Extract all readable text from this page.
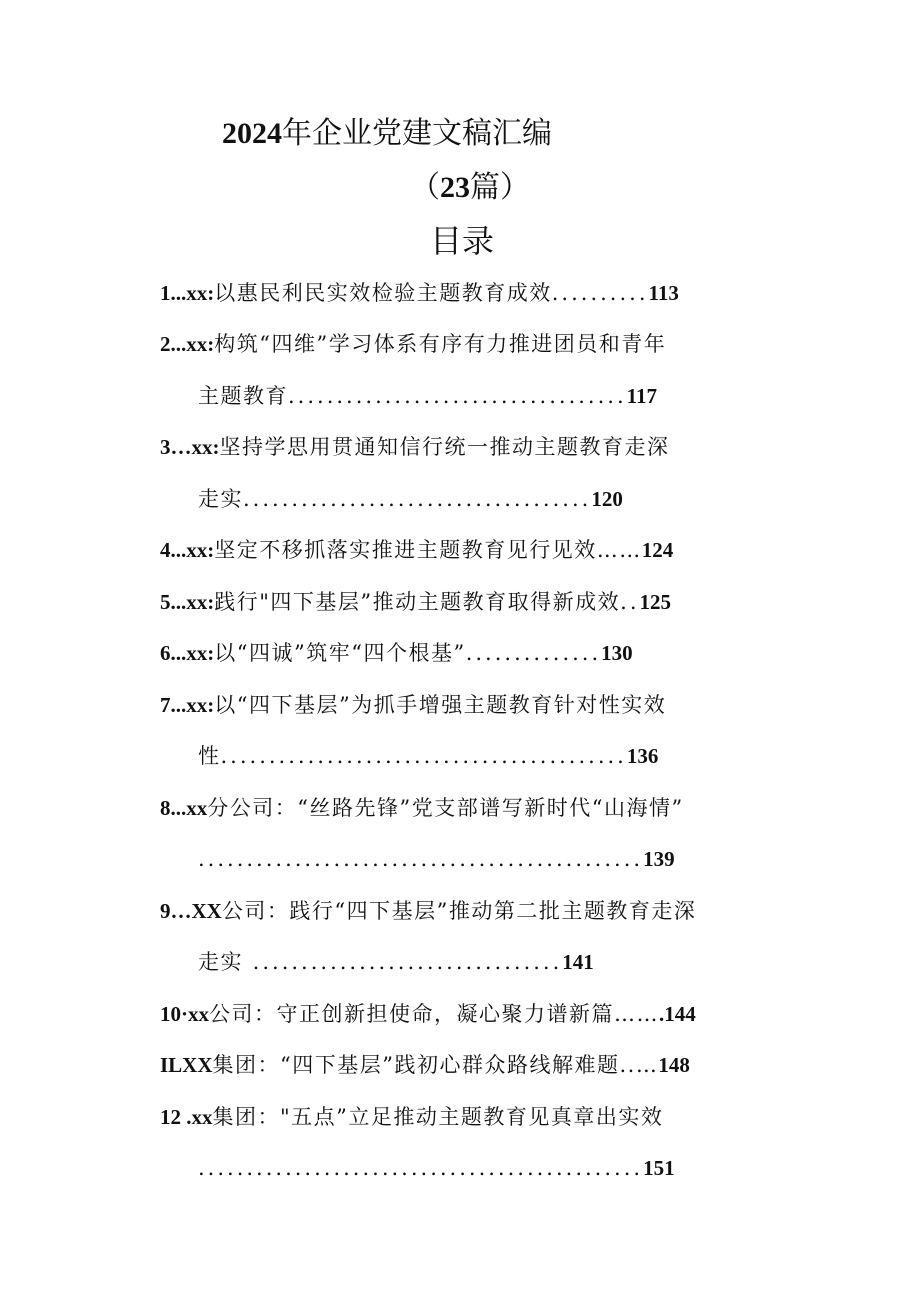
2024年企业党建文稿汇编
（23篇）
目录
1...xx:以惠民利民实效检验主题教育成效..........113
2...xx:构筑“四维”学习体系有序有力推进团员和青年
主题教育...................................117
3…xx:坚持学思用贯通知信行统一推动主题教育走深
走实....................................120
4...xx:坚定不移抓落实推进主题教育见行见效……124
5...xx:践行"四下基层”推动主题教育取得新成效..125
6...xx:以“四诚”筑牢“四个根基”..............130
7...xx:以“四下基层”为抓手增强主题教育针对性实效
性..........................................136
8...xx分公司：“丝路先锋”党支部谱写新时代“山海情”
..............................................139
9…XX公司：践行“四下基层”推动第二批主题教育走深
走实 ................................141
10·xx公司：守正创新担使命，凝心聚力谱新篇…….144
ILXX集团：“四下基层”践初心群众路线解难题..…148
12 .xx集团："五点”立足推动主题教育见真章出实效
..............................................151
